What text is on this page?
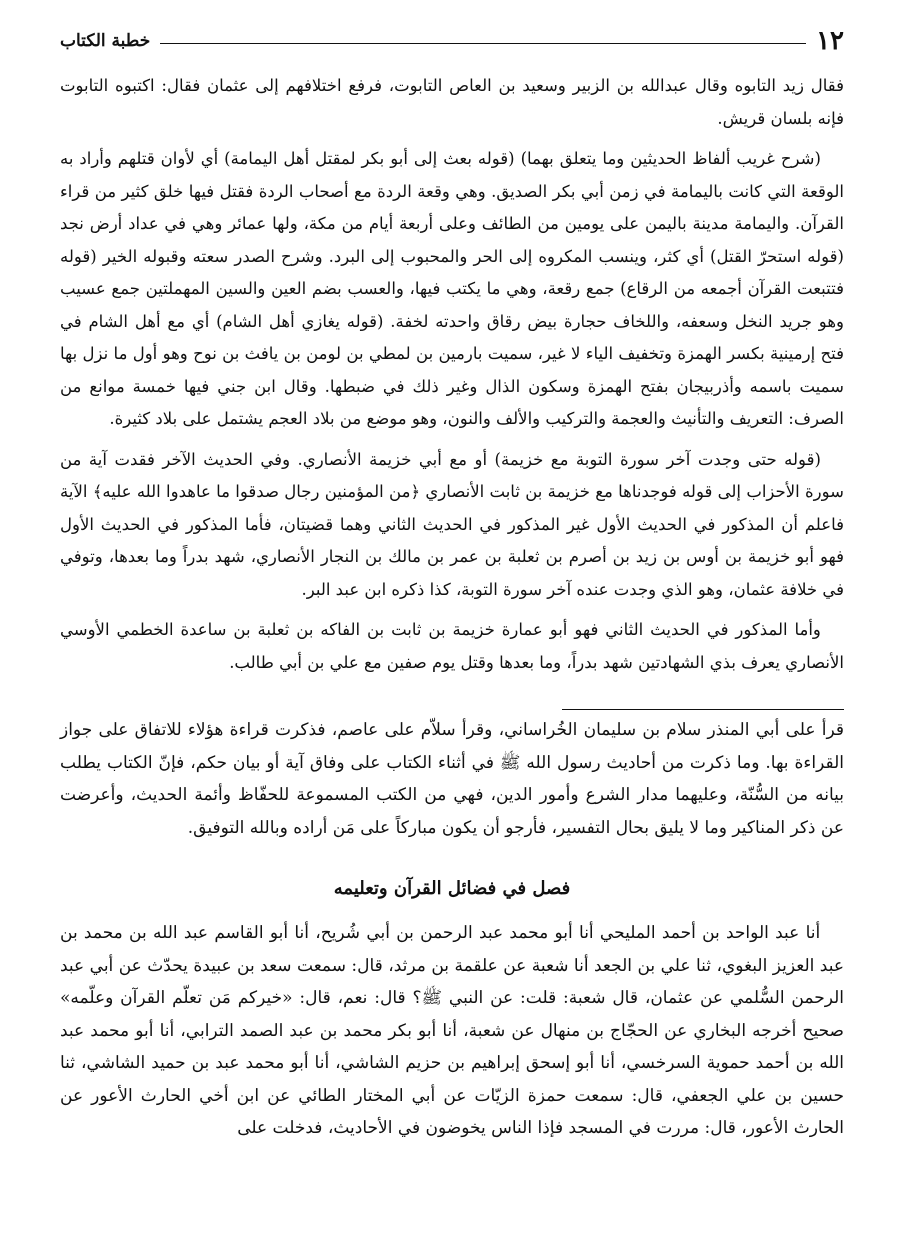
١٢
خطبة الكتاب

فقال زيد التابوه وقال عبدالله بن الزبير وسعيد بن العاص التابوت، فرفع اختلافهم إلى عثمان فقال: اكتبوه التابوت فإنه بلسان قريش.

(شرح غريب ألفاظ الحديثين وما يتعلق بهما) (قوله بعث إلى أبو بكر لمقتل أهل اليمامة) أي لأوان قتلهم وأراد به الوقعة التي كانت باليمامة في زمن أبي بكر الصديق. وهي وقعة الردة مع أصحاب الردة فقتل فيها خلق كثير من قراء القرآن. واليمامة مدينة باليمن على يومين من الطائف وعلى أربعة أيام من مكة، ولها عمائر وهي في عداد أرض نجد (قوله استحرّ القتل) أي كثر، وينسب المكروه إلى الحر والمحبوب إلى البرد. وشرح الصدر سعته وقبوله الخير (قوله فتتبعت القرآن أجمعه من الرقاع) جمع رقعة، وهي ما يكتب فيها، والعسب بضم العين والسين المهملتين جمع عسيب وهو جريد النخل وسعفه، واللخاف حجارة بيض رقاق واحدته لخفة. (قوله يغازي أهل الشام) أي مع أهل الشام في فتح إرمينية بكسر الهمزة وتخفيف الياء لا غير، سميت بارمين بن لمطي بن لومن بن يافث بن نوح وهو أول ما نزل بها سميت باسمه وأذربيجان بفتح الهمزة وسكون الذال وغير ذلك في ضبطها. وقال ابن جني فيها خمسة موانع من الصرف: التعريف والتأنيث والعجمة والتركيب والألف والنون، وهو موضع من بلاد العجم يشتمل على بلاد كثيرة.

(قوله حتى وجدت آخر سورة التوبة مع خزيمة) أو مع أبي خزيمة الأنصاري. وفي الحديث الآخر فقدت آية من سورة الأحزاب إلى قوله فوجدناها مع خزيمة بن ثابت الأنصاري ﴿من المؤمنين رجال صدقوا ما عاهدوا الله عليه﴾ الآية فاعلم أن المذكور في الحديث الأول غير المذكور في الحديث الثاني وهما قضيتان، فأما المذكور في الحديث الأول فهو أبو خزيمة بن أوس بن زيد بن أصرم بن ثعلبة بن عمر بن مالك بن النجار الأنصاري، شهد بدراً وما بعدها، وتوفي في خلافة عثمان، وهو الذي وجدت عنده آخر سورة التوبة، كذا ذكره ابن عبد البر.

وأما المذكور في الحديث الثاني فهو أبو عمارة خزيمة بن ثابت بن الفاكه بن ثعلبة بن ساعدة الخطمي الأوسي الأنصاري يعرف بذي الشهادتين شهد بدراً، وما بعدها وقتل يوم صفين مع علي بن أبي طالب.

قرأ على أبي المنذر سلام بن سليمان الخُراساني، وقرأ سلاّم على عاصم، فذكرت قراءة هؤلاء للاتفاق على جواز القراءة بها. وما ذكرت من أحاديث رسول الله ﷺ في أثناء الكتاب على وفاق آية أو بيان حكم، فإنّ الكتاب يطلب بيانه من السُّنّة، وعليهما مدار الشرع وأمور الدين، فهي من الكتب المسموعة للحفّاظ وأئمة الحديث، وأعرضت عن ذكر المناكير وما لا يليق بحال التفسير، فأرجو أن يكون مباركاً على مَن أراده وبالله التوفيق.

فصل في فضائل القرآن وتعليمه

أنا عبد الواحد بن أحمد المليحي أنا أبو محمد عبد الرحمن بن أبي شُريح، أنا أبو القاسم عبد الله بن محمد بن عبد العزيز البغوي، ثنا علي بن الجعد أنا شعبة عن علقمة بن مرثد، قال: سمعت سعد بن عبيدة يحدّث عن أبي عبد الرحمن السُّلمي عن عثمان، قال شعبة: قلت: عن النبي ﷺ؟ قال: نعم، قال: «خيركم مَن تعلّم القرآن وعلّمه» صحيح أخرجه البخاري عن الحجّاج بن منهال عن شعبة، أنا أبو بكر محمد بن عبد الصمد الترابي، أنا أبو محمد عبد الله بن أحمد حموية السرخسي، أنا أبو إسحق إبراهيم بن حزيم الشاشي، أنا أبو محمد عبد بن حميد الشاشي، ثنا حسين بن علي الجعفي، قال: سمعت حمزة الزيّات عن أبي المختار الطائي عن ابن أخي الحارث الأعور عن الحارث الأعور، قال: مررت في المسجد فإذا الناس يخوضون في الأحاديث، فدخلت على
